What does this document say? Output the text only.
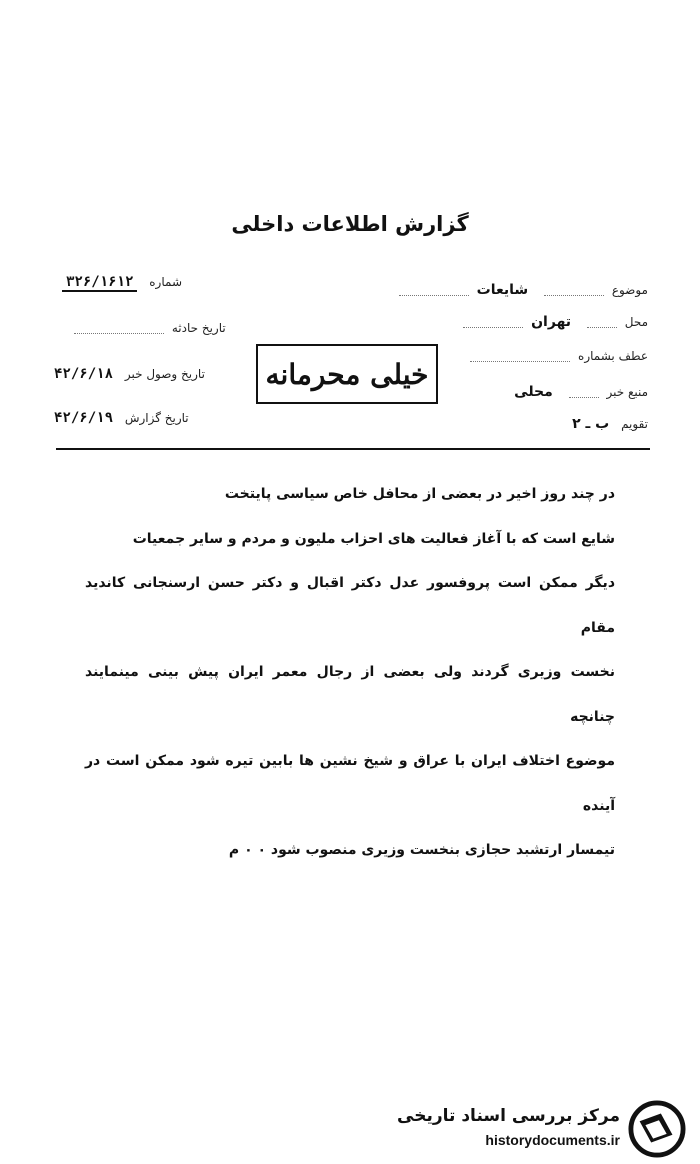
گزارش اطلاعات داخلی
موضوع  شایعات
محل  تهران
عطف بشماره
منبع خبر  محلی
تقویم ب ـ ۲
شماره ۳۲۶/۱۶۱۲
تاریخ حادثه
تاریخ وصول خبر ۴۲/۶/۱۸
تاریخ گزارش ۴۲/۶/۱۹
خیلی محرمانه

در چند روز اخیر در بعضی از محافل خاص سیاسی پایتخت

شایع است که با آغاز فعالیت های احزاب ملیون و مردم و سایر جمعیات

دیگر ممکن است پروفسور عدل دکتر اقبال و دکتر حسن ارسنجانی کاندید مقام

نخست وزیری گردند ولی بعضی از رجال معمر ایران پیش بینی مینمایند چنانچه

موضوع اختلاف ایران با عراق و شیخ نشین ها بابین تیره شود ممکن است در آینده

تیمسار ارتشبد حجازی بنخست وزیری منصوب شود ۰ ۰ م

مرکز بررسی اسناد تاریخی
historydocuments.ir
